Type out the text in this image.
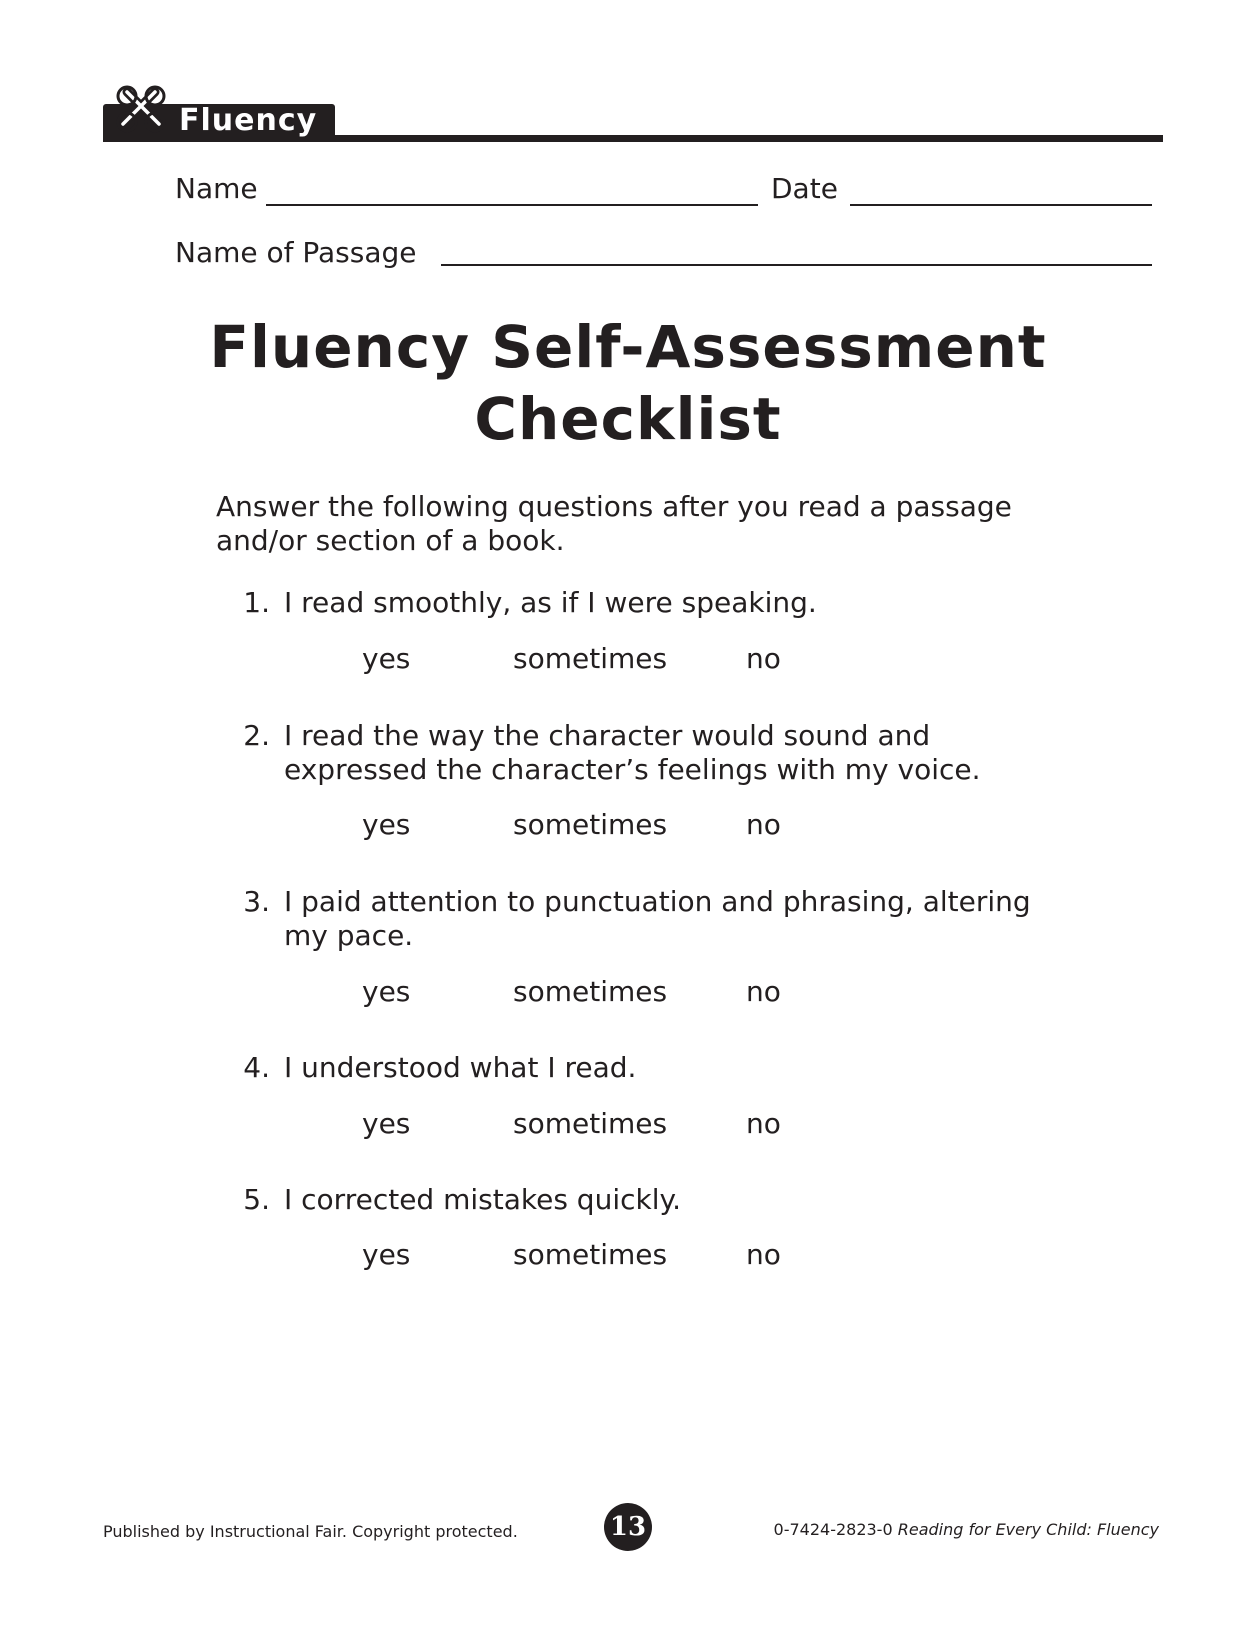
Fluency
Name	Date
Name of Passage
Fluency Self-Assessment
Checklist
Answer the following questions after you read a passage
and/or section of a book.
1. I read smoothly, as if I were speaking.
yes	sometimes	no
2. I read the way the character would sound and
expressed the character’s feelings with my voice.
yes	sometimes	no
3. I paid attention to punctuation and phrasing, altering
my pace.
yes	sometimes	no
4. I understood what I read.
yes	sometimes	no
5. I corrected mistakes quickly.
yes	sometimes	no
Published by Instructional Fair. Copyright protected.	13	0-7424-2823-0 Reading for Every Child: Fluency
